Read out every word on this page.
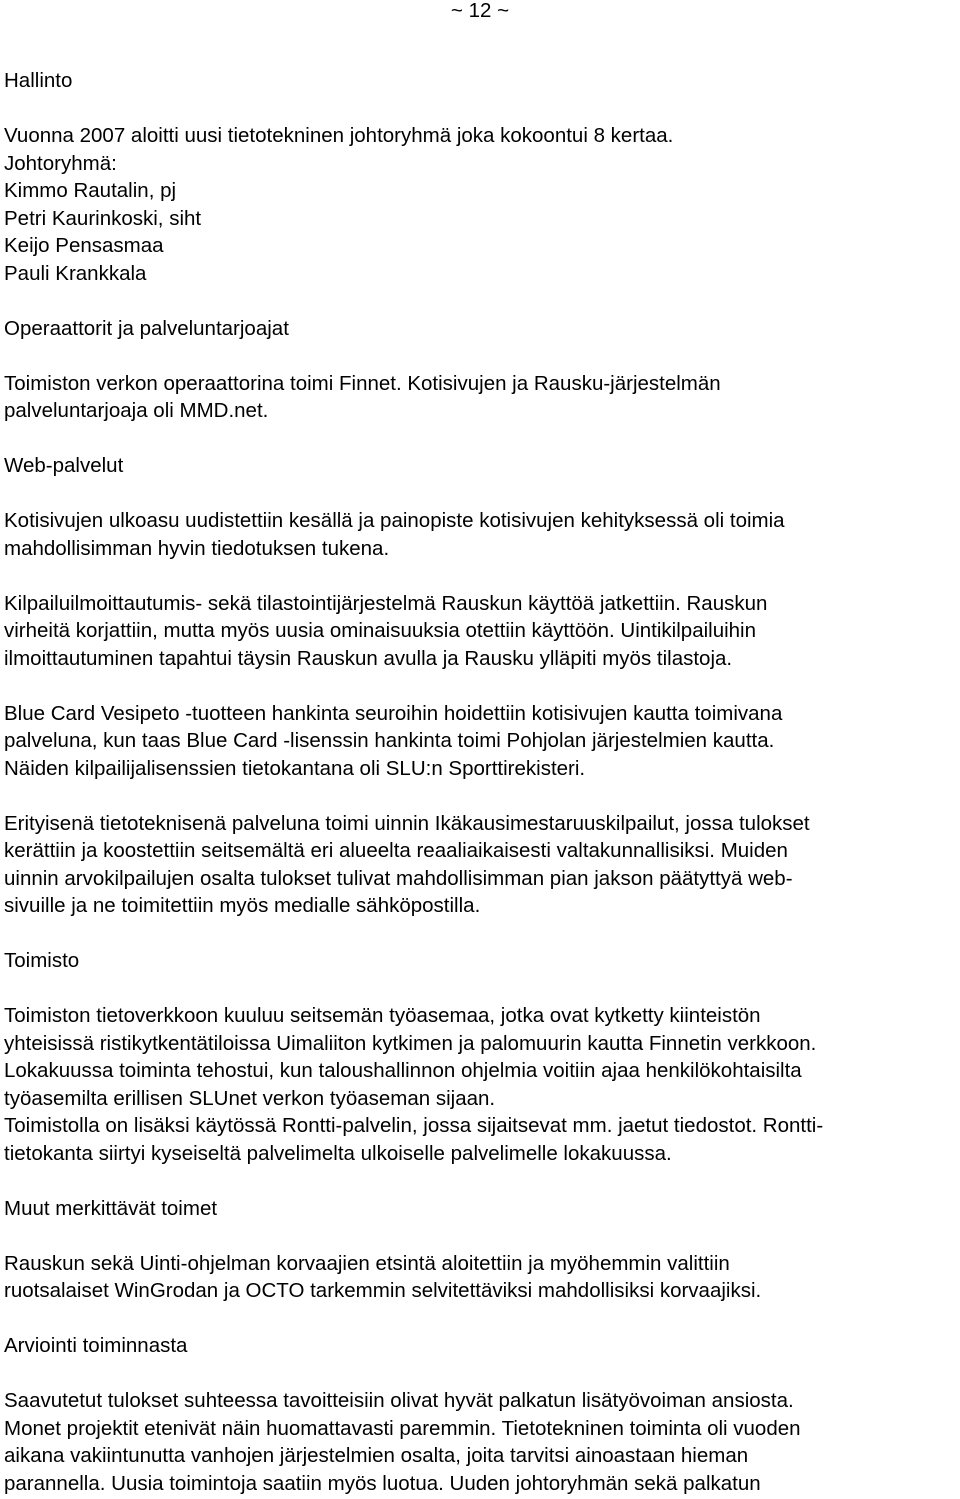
~ 12 ~
Hallinto
Vuonna 2007 aloitti uusi tietotekninen johtoryhmä joka kokoontui 8 kertaa.
Johtoryhmä:
Kimmo Rautalin, pj
Petri Kaurinkoski, siht
Keijo Pensasmaa
Pauli Krankkala
Operaattorit ja palveluntarjoajat
Toimiston verkon operaattorina toimi Finnet. Kotisivujen ja Rausku-järjestelmän
palveluntarjoaja oli MMD.net.
Web-palvelut
Kotisivujen ulkoasu uudistettiin kesällä ja painopiste kotisivujen kehityksessä oli toimia
mahdollisimman hyvin tiedotuksen tukena.
Kilpailuilmoittautumis- sekä tilastointijärjestelmä Rauskun käyttöä jatkettiin. Rauskun
virheitä korjattiin, mutta myös uusia ominaisuuksia otettiin käyttöön. Uintikilpailuihin
ilmoittautuminen tapahtui täysin Rauskun avulla ja Rausku ylläpiti myös tilastoja.
Blue Card Vesipeto -tuotteen hankinta seuroihin hoidettiin kotisivujen kautta toimivana
palveluna, kun taas Blue Card -lisenssin hankinta toimi Pohjolan järjestelmien kautta.
Näiden kilpailijalisenssien tietokantana oli SLU:n Sporttirekisteri.
Erityisenä tietoteknisenä palveluna toimi uinnin Ikäkausimestaruuskilpailut, jossa tulokset
kerättiin ja koostettiin seitsemältä eri alueelta reaaliaikaisesti valtakunnallisiksi. Muiden
uinnin arvokilpailujen osalta tulokset tulivat mahdollisimman pian jakson päätyttyä web-
sivuille ja ne toimitettiin myös medialle sähköpostilla.
Toimisto
Toimiston tietoverkkoon kuuluu seitsemän työasemaa, jotka ovat kytketty kiinteistön
yhteisissä ristikytkentätiloissa Uimaliiton kytkimen ja palomuurin kautta Finnetin verkkoon.
Lokakuussa toiminta tehostui, kun taloushallinnon ohjelmia voitiin ajaa henkilökohtaisilta
työasemilta erillisen SLUnet verkon työaseman sijaan.
Toimistolla on lisäksi käytössä Rontti-palvelin, jossa sijaitsevat mm. jaetut tiedostot. Rontti-
tietokanta siirtyi kyseiseltä palvelimelta ulkoiselle palvelimelle lokakuussa.
Muut merkittävät toimet
Rauskun sekä Uinti-ohjelman korvaajien etsintä aloitettiin ja myöhemmin valittiin
ruotsalaiset WinGrodan ja OCTO tarkemmin selvitettäviksi mahdollisiksi korvaajiksi.
Arviointi toiminnasta
Saavutetut tulokset suhteessa tavoitteisiin olivat hyvät palkatun lisätyövoiman ansiosta.
Monet projektit etenivät näin huomattavasti paremmin. Tietotekninen toiminta oli vuoden
aikana vakiintunutta vanhojen järjestelmien osalta, joita tarvitsi ainoastaan hieman
parannella. Uusia toimintoja saatiin myös luotua. Uuden johtoryhmän sekä palkatun
